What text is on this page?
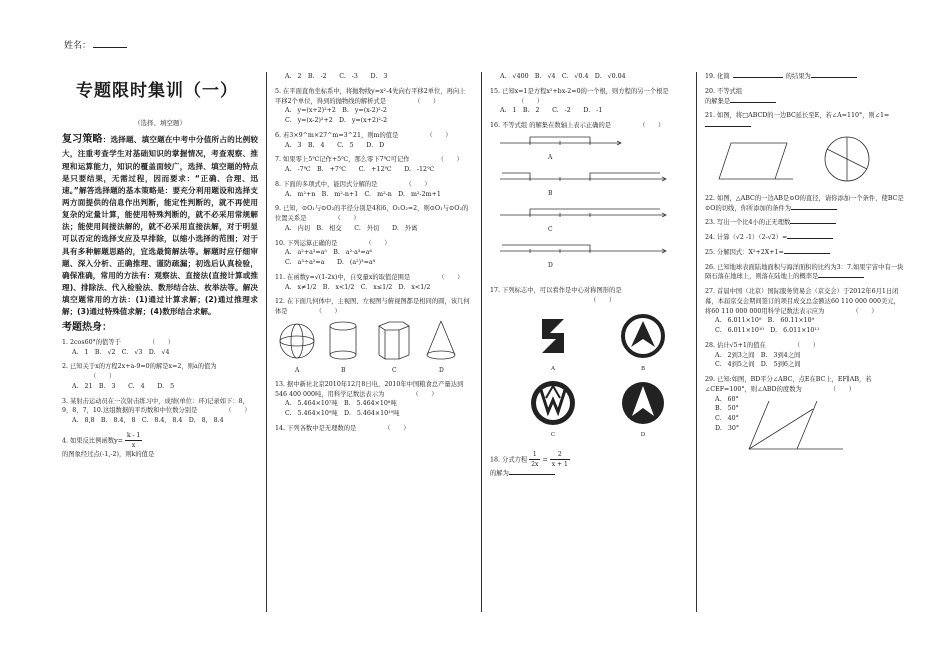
姓名：
专题限时集训（一）
（选择、填空题）
复习策略：选择题、填空题在中考中分值所占的比例较大，注重考查学生对基础知识的掌握情况，考查观察、推理和运算能力，知识的覆盖面较广，选择、填空题的特点是只要结果，无需过程，因而要求：“正确、合理、迅速。”解答选择题的基本策略是：要充分利用题设和选择支两方面提供的信息作出判断，能定性判断的，就不再使用复杂的定量计算，能使用特殊判断的，就不必采用常规解法；能使用间接法解的，就不必采用直接法解，对于明显可以否定的选择支应及早排除，以缩小选择的范围；对于具有多种解题思路的，宜选最简解法等。解题时应仔细审题、深入分析、正确推理、谨防疏漏；初选后认真检验，确保准确，常用的方法有：观察法、直接法(直接计算或推理)、排除法、代入检验法、数形结合法、枚举法等。解决填空题常用的方法：(1)通过计算求解；(2)通过推理求解；(3)通过特殊值求解；(4)数形结合求解。
考题热身：
1. 2cos60°的值等于	（　　）
A. 1　B. √2　C. √3　D. √4
2. 已知关于x的方程2x+a-9=0的解是x=2，则a的值为（　　）
A. 21　B. 3　　C. 4　　D. 5
3. 某射击运动员在一次射击练习中，成绩(单位：环)记录如下：8，9，8，7，10.这组数据的平均数和中位数分别是	（　　）
A. 8,8　B. 8.4, 8　C. 8.4, 8.4　D. 8, 8.4
4. 如果反比例函数$y= \frac{k - 1}{x}$
的图象经过点(-1,-2)，则k的值是
A. 2　B. -2　　C. -3　　D. 3
5. 在平面直角坐标系中，将抛物线y=x²-4先向右平移2单位，再向上平移2个单位，得到的抛物线的解析式是	（　　）
A. y=(x+2)²+2　B. y=(x-2)²-2
C. y=(x-2)²+2　D. y=(x+2)²-2
6. 若3×9^m×27^m=3^21，则m的值是	（　　）
A. 3　B. 4　　C. 5　　D. D
7. 如果零上5℃记作+5℃，那么零下7℃可记作	（　　）
A. -7℃　B. +7℃　　C. +12℃　　D. -12℃
8. 下面的多项式中，能因式分解的是	（　　）
A. m²+n　B. m²-n+1　C. m²-n　D. m²-2m+1
9. 已知，⊙O₁与⊙O₂的半径分别是4和6，O₁O₂=2，则⊙O₁与⊙O₂的位置关系是	（　　）
A. 内切　B. 相交　　C. 外切　　D. 外离
10. 下列运算正确的是	（　　）
A. a²+a³=a⁵　B. a²·a³=a⁶
C. a³÷a²=a　　D. (a²)³=a⁸
11. 在函数y=√(1-2x)中，自变量x的取值范围是	（　　）
A. x≠1/2　B. x<1/2　C. x≤1/2　D. x<1/2
12. 在下面几何体中，主视图、左视图与俯视图都是相同的圆，该几何体是	（　　）
A	B	C	D
13. 据中新社北京2010年12月8日电，2010年中国粮食总产量达到546 400 000吨，用科学记数法表示为	（　　）
A. 5.464×10⁷吨　B. 5.464×10⁸吨
C. 5.464×10⁹吨　D. 5.464×10¹⁰吨
14. 下列各数中是无理数的是	（　　）
A. √400　B. √4　C. √0.4　D. √0.04
15. 已知x=1是方程x²+bx-2=0的一个根，则方程的另一个根是（　　）
A. 1　B. 2　　C. -2　　D. -1
16. 不等式组 的解集在数轴上表示正确的是	（　　）
A
B
C
D
17. 下列标志中，可以看作是中心对称图形的是
（　　）
A	B
C	D
18. 分式方程 $\frac{1}{2x} = \frac{2}{x + 1}$
的解为
19. 化简	的结果为
20. 不等式组
的解集是
21. 如图，将□ABCD的一边BC延长至E，若∠A=110°，则∠1=
22. 如图，△ABC的一边AB是⊙O的直径，请你添加一个条件，使BC是⊙O的切线，你所添加的条件为
23. 写出一个比4小的正无理数
24. 计算（√2 -1）（2-√2）=
25. 分解因式：X²+2X+1=
26. 已知地球表面陆地面积与海洋面积的比约为3：7.如果宇宙中有一块陨石落在地球上，则落在陆地上的概率是
27. 首届中国（北京）国际服务贸易会（京交会）于2012年6月1日闭幕，本届京交会期间签订的项目成交总金额达60 110 000 000美元，将60 110 000 000用科学记数法表示应为	（　　）
A. 6.011×10⁹　B. 60.11×10⁹
C. 6.011×10¹⁰　D. 6.011×10¹¹
28. 估计√5+1的值在	（　　）
A. 2到3之间　B. 3到4之间
C. 4到5之间　D. 5到6之间
29. 已知:如图，BD平分∠ABC，点E在BC上，EF∥AB，若∠CEF=100°，则∠ABD的度数为	（　　）
A. 60°
B. 50°
C. 40°
D. 30°
